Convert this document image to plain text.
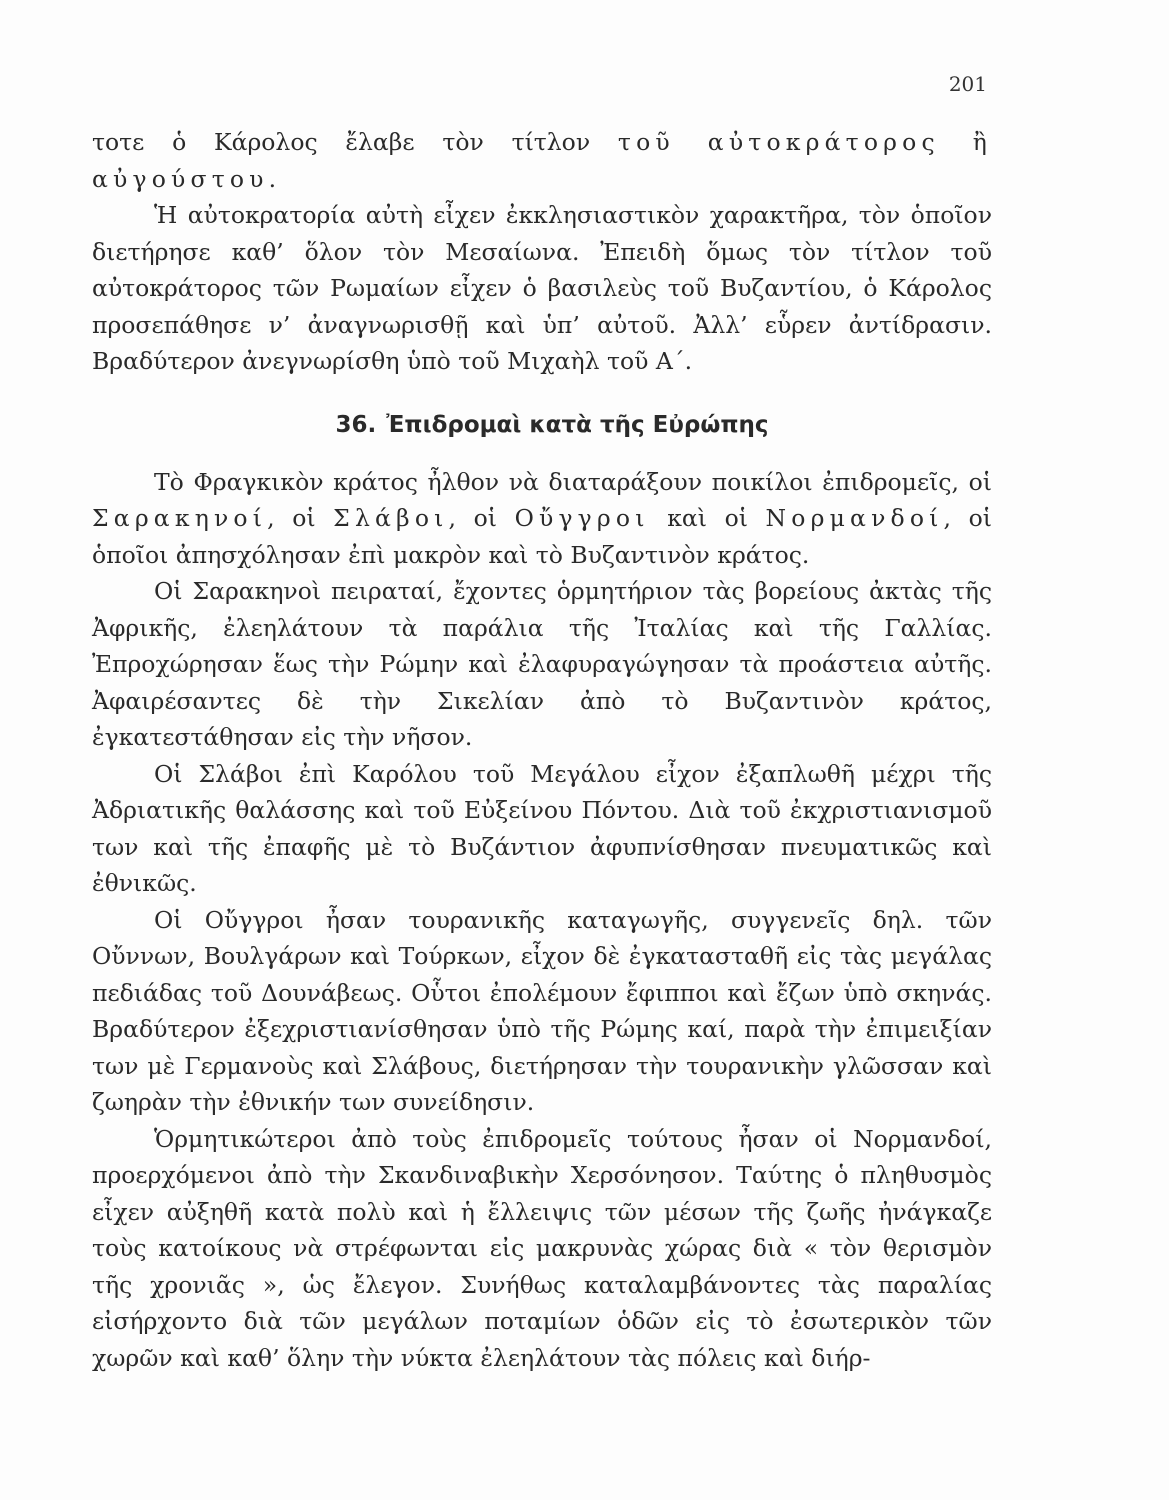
201

τοτε ὁ Κάρολος ἔλαβε τὸν τίτλον τοῦ αὐτοκράτορος ἢ αὐγούστου.

Ἡ αὐτοκρατορία αὐτὴ εἶχεν ἐκκλησιαστικὸν χαρακτῆρα, τὸν ὁποῖον διετήρησε καθ’ ὅλον τὸν Μεσαίωνα. Ἐπειδὴ ὅμως τὸν τίτλον τοῦ αὐτοκράτορος τῶν Ρωμαίων εἶχεν ὁ βασιλεὺς τοῦ Βυζαντίου, ὁ Κάρολος προσεπάθησε ν’ ἀναγνωρισθῇ καὶ ὑπ’ αὐτοῦ. Ἀλλ’ εὗρεν ἀντίδρασιν. Βραδύτερον ἀνεγνωρίσθη ὑπὸ τοῦ Μιχαὴλ τοῦ Α΄.

36. Ἐπιδρομαὶ κατὰ τῆς Εὐρώπης

Τὸ Φραγκικὸν κράτος ἦλθον νὰ διαταράξουν ποικίλοι ἐπιδρομεῖς, οἱ Σαρακηνοί, οἱ Σλάβοι, οἱ Οὔγγροι καὶ οἱ Νορμανδοί, οἱ ὁποῖοι ἀπησχόλησαν ἐπὶ μακρὸν καὶ τὸ Βυζαντινὸν κράτος.

Οἱ Σαρακηνοὶ πειραταί, ἔχοντες ὁρμητήριον τὰς βορείους ἀκτὰς τῆς Ἀφρικῆς, ἐλεηλάτουν τὰ παράλια τῆς Ἰταλίας καὶ τῆς Γαλλίας. Ἐπροχώρησαν ἕως τὴν Ρώμην καὶ ἐλαφυραγώγησαν τὰ προάστεια αὐτῆς. Ἀφαιρέσαντες δὲ τὴν Σικελίαν ἀπὸ τὸ Βυζαντινὸν κράτος, ἐγκατεστάθησαν εἰς τὴν νῆσον.

Οἱ Σλάβοι ἐπὶ Καρόλου τοῦ Μεγάλου εἶχον ἐξαπλωθῆ μέχρι τῆς Ἀδριατικῆς θαλάσσης καὶ τοῦ Εὐξείνου Πόντου. Διὰ τοῦ ἐκχριστιανισμοῦ των καὶ τῆς ἐπαφῆς μὲ τὸ Βυζάντιον ἀφυπνίσθησαν πνευματικῶς καὶ ἐθνικῶς.

Οἱ Οὔγγροι ἦσαν τουρανικῆς καταγωγῆς, συγγενεῖς δηλ. τῶν Οὔννων, Βουλγάρων καὶ Τούρκων, εἶχον δὲ ἐγκατασταθῆ εἰς τὰς μεγάλας πεδιάδας τοῦ Δουνάβεως. Οὗτοι ἐπολέμουν ἔφιπποι καὶ ἔζων ὑπὸ σκηνάς. Βραδύτερον ἐξεχριστιανίσθησαν ὑπὸ τῆς Ρώμης καί, παρὰ τὴν ἐπιμειξίαν των μὲ Γερμανοὺς καὶ Σλάβους, διετήρησαν τὴν τουρανικὴν γλῶσσαν καὶ ζωηρὰν τὴν ἐθνικήν των συνείδησιν.

Ὁρμητικώτεροι ἀπὸ τοὺς ἐπιδρομεῖς τούτους ἦσαν οἱ Νορμανδοί, προερχόμενοι ἀπὸ τὴν Σκανδιναβικὴν Χερσόνησον. Ταύτης ὁ πληθυσμὸς εἶχεν αὐξηθῆ κατὰ πολὺ καὶ ἡ ἔλλειψις τῶν μέσων τῆς ζωῆς ἠνάγκαζε τοὺς κατοίκους νὰ στρέφωνται εἰς μακρυνὰς χώρας διὰ « τὸν θερισμὸν τῆς χρονιᾶς », ὡς ἔλεγον. Συνήθως καταλαμβάνοντες τὰς παραλίας εἰσήρχοντο διὰ τῶν μεγάλων ποταμίων ὁδῶν εἰς τὸ ἐσωτερικὸν τῶν χωρῶν καὶ καθ’ ὅλην τὴν νύκτα ἐλεηλάτουν τὰς πόλεις καὶ διήρ-
